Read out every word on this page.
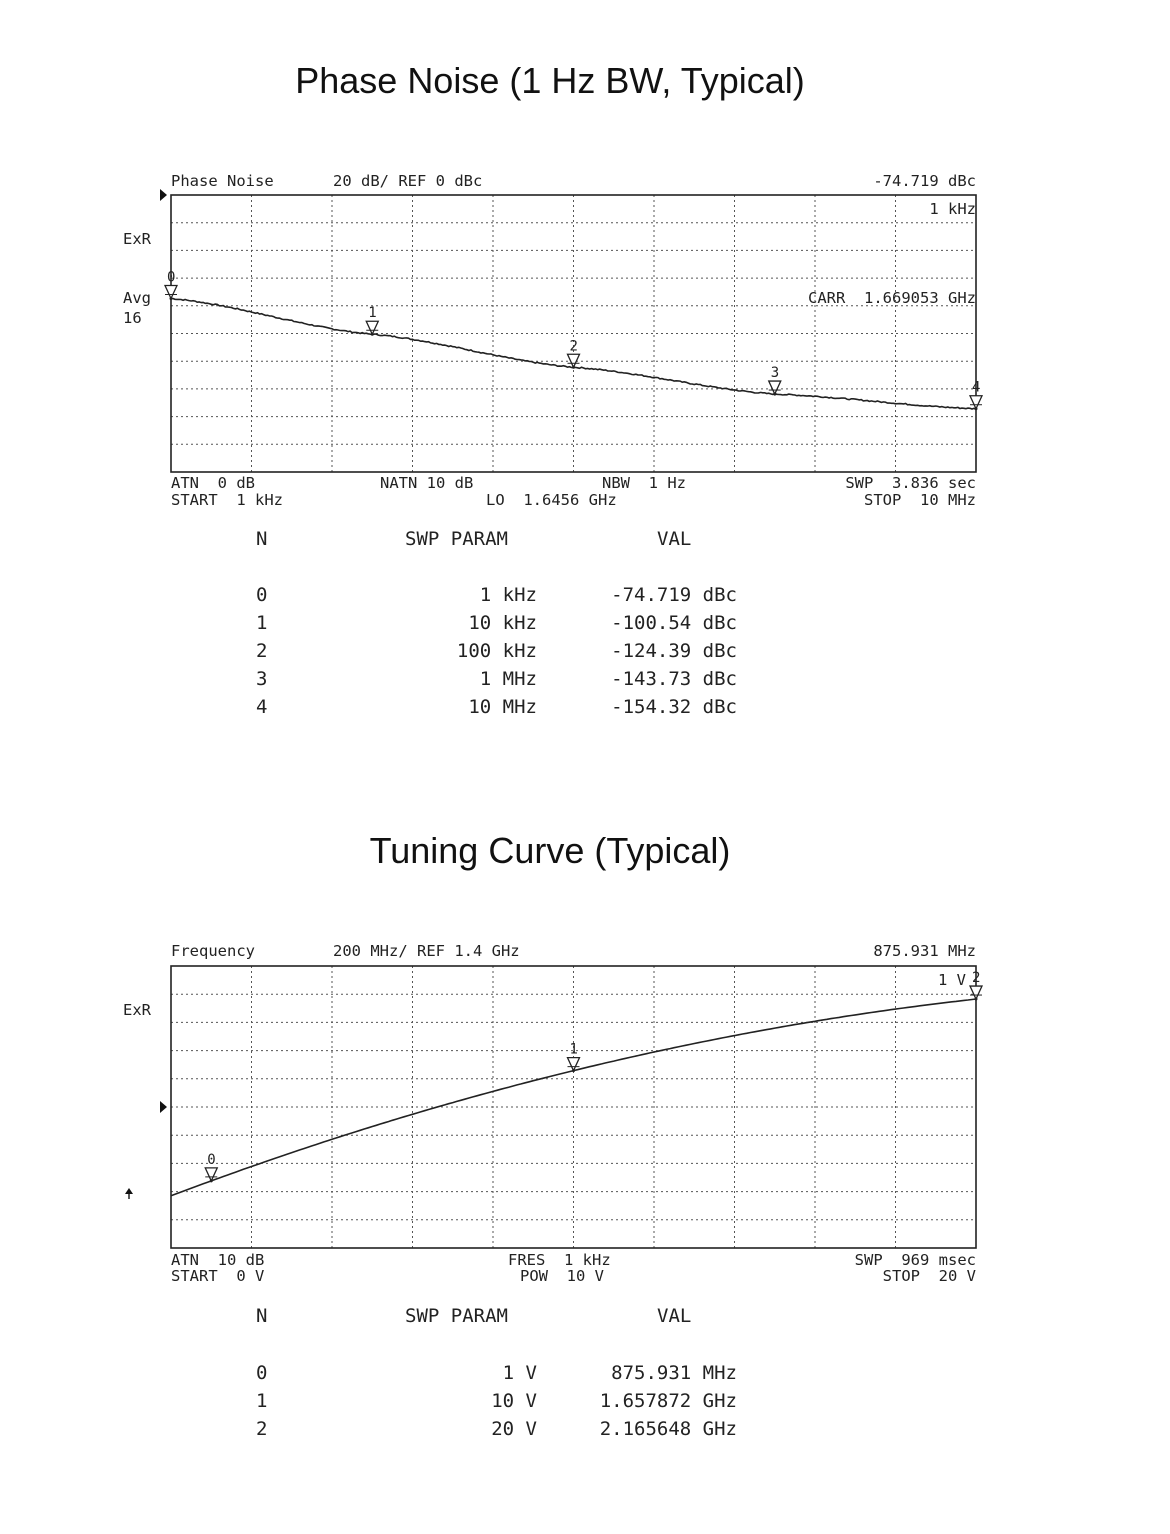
Phase Noise (1 Hz BW, Typical)
Phase Noise	20 dB/ REF 0 dBc	-74.719 dBc
1 kHz
CARR  1.669053 GHz
ExR
Avg
16
ATN  0 dB
START  1 kHz
NATN 10 dB
LO  1.6456 GHz
NBW  1 Hz	SWP  3.836 sec
STOP  10 MHz
N	SWP PARAM	VAL
0	1 kHz	-74.719 dBc
1	10 kHz	-100.54 dBc
2	100 kHz	-124.39 dBc
3	1 MHz	-143.73 dBc
4	10 MHz	-154.32 dBc
Tuning Curve (Typical)
Frequency	200 MHz/ REF 1.4 GHz	875.931 MHz
1 V
ExR
ATN  10 dB
START  0 V
FRES  1 kHz
POW  10 V
SWP  969 msec
STOP  20 V
N	SWP PARAM	VAL
0	1 V	875.931 MHz
1	10 V	1.657872 GHz
2	20 V	2.165648 GHz
0
1
2
3
4
0
1
2
